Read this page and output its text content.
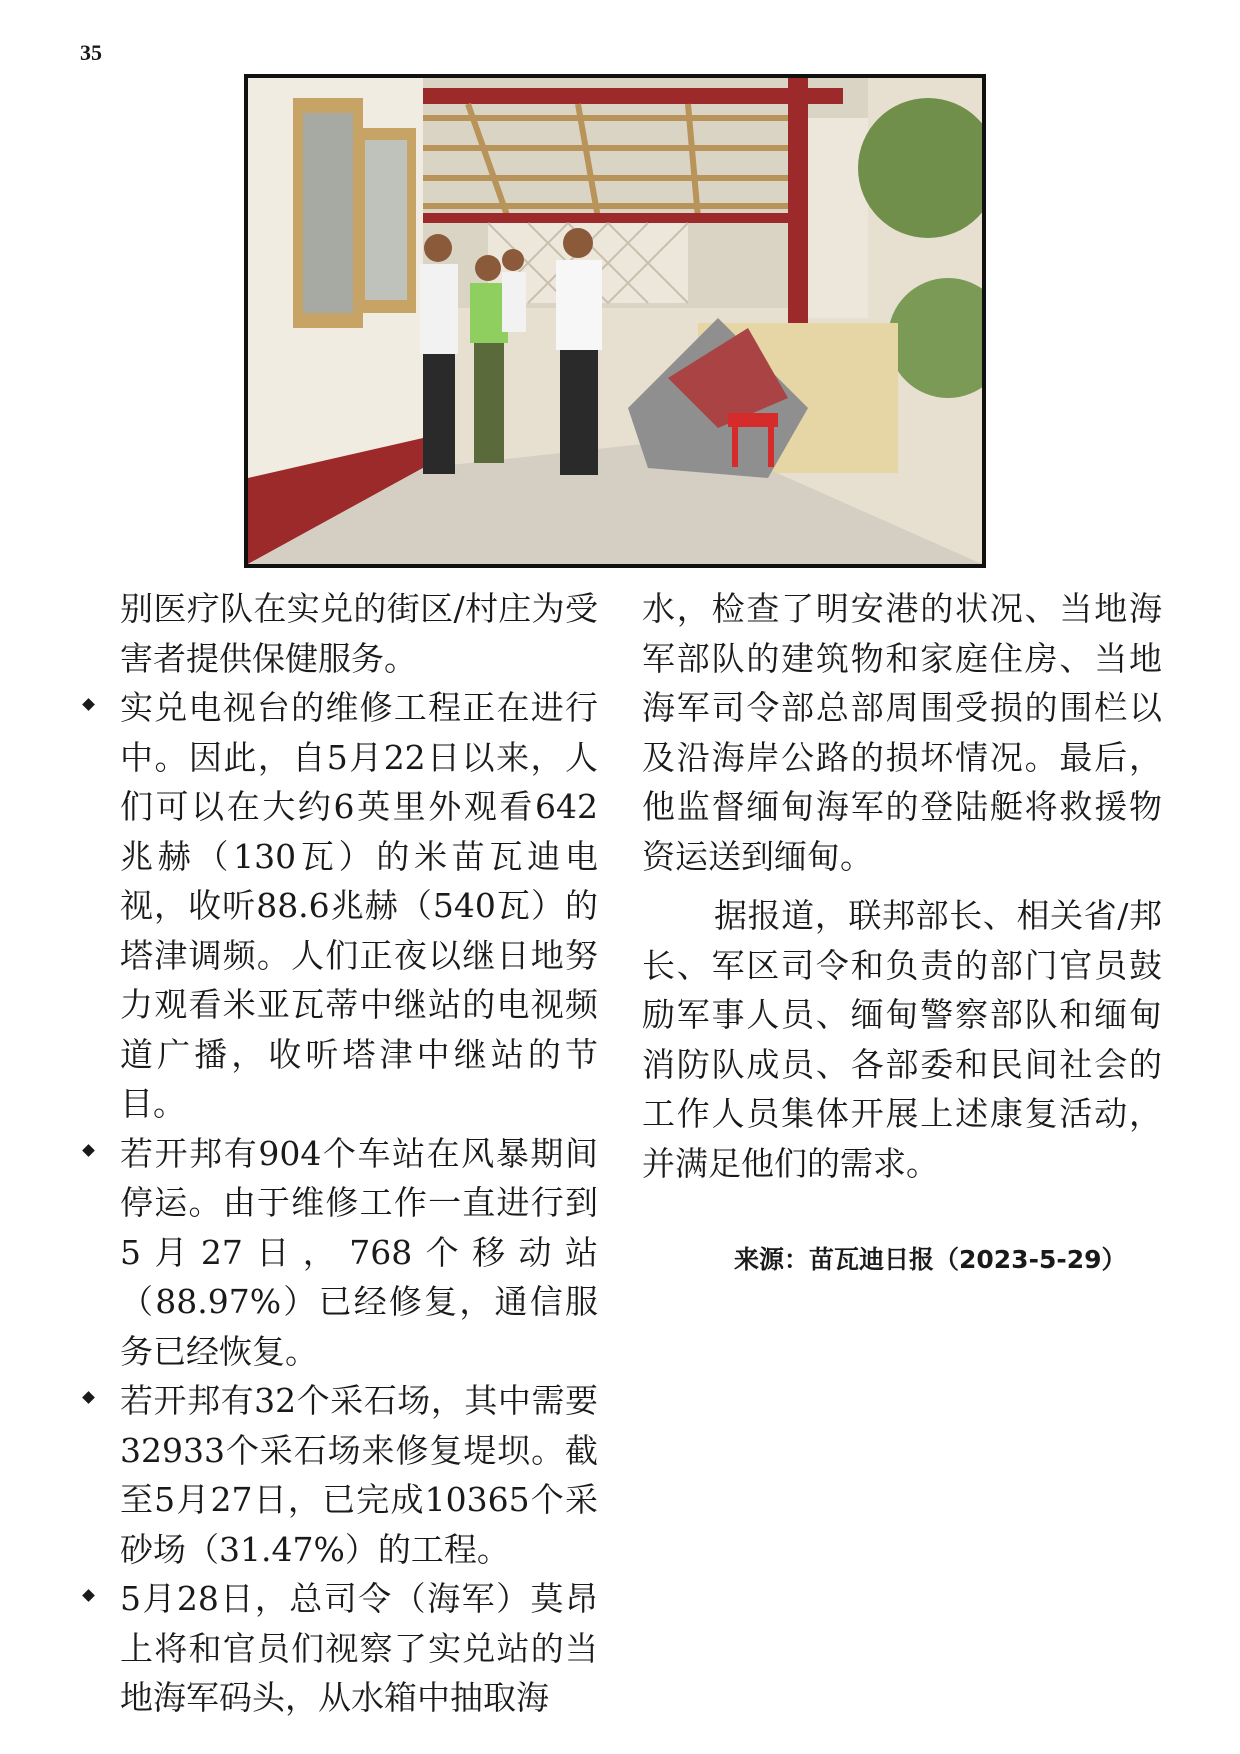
35

别医疗队在实兑的街区/村庄为受害者提供保健服务。

实兑电视台的维修工程正在进行中。因此，自5月22日以来，人们可以在大约6英里外观看642兆赫（130瓦）的米苗瓦迪电视，收听88.6兆赫（540瓦）的塔津调频。人们正夜以继日地努力观看米亚瓦蒂中继站的电视频道广播，收听塔津中继站的节目。
若开邦有904个车站在风暴期间停运。由于维修工作一直进行到5月27日，768个移动站（88.97%）已经修复，通信服务已经恢复。
若开邦有32个采石场，其中需要32933个采石场来修复堤坝。截至5月27日，已完成10365个采砂场（31.47%）的工程。
5月28日，总司令（海军）莫昂上将和官员们视察了实兑站的当地海军码头，从水箱中抽取海

水，检查了明安港的状况、当地海军部队的建筑物和家庭住房、当地海军司令部总部周围受损的围栏以及沿海岸公路的损坏情况。最后，他监督缅甸海军的登陆艇将救援物资运送到缅甸。

据报道，联邦部长、相关省/邦长、军区司令和负责的部门官员鼓励军事人员、缅甸警察部队和缅甸消防队成员、各部委和民间社会的工作人员集体开展上述康复活动，并满足他们的需求。

来源：苗瓦迪日报（2023-5-29）
